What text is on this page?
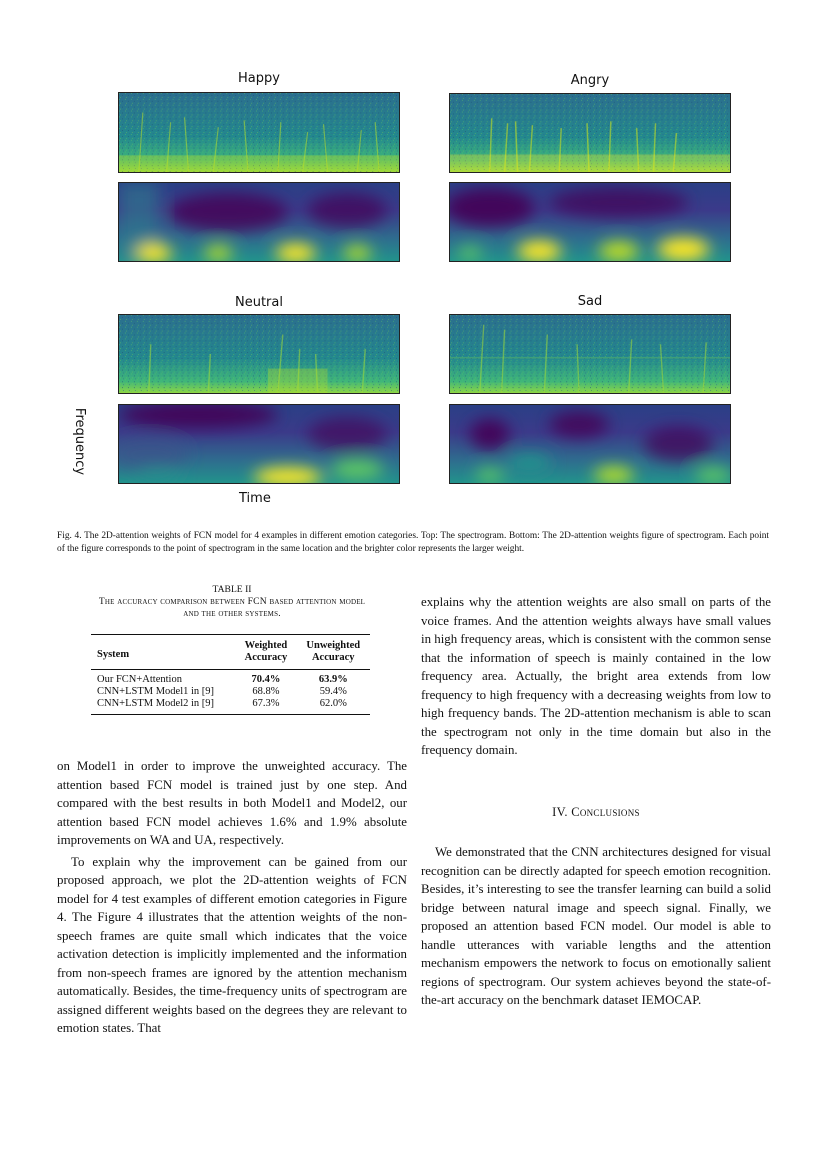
Happy	Angry
Neutral	Sad
Frequency
Time
Fig. 4. The 2D-attention weights of FCN model for 4 examples in different emotion categories. Top: The spectrogram. Bottom: The 2D-attention weights figure of spectrogram. Each point of the figure corresponds to the point of spectrogram in the same location and the brighter color represents the larger weight.
TABLE II
The accuracy comparison between FCN based attention model
and the other systems.
System	Weighted	Unweighted
	Accuracy	Accuracy
Our FCN+Attention	70.4%	63.9%
CNN+LSTM Model1 in [9]	68.8%	59.4%
CNN+LSTM Model2 in [9]	67.3%	62.0%

on Model1 in order to improve the unweighted accuracy. The attention based FCN model is trained just by one step. And compared with the best results in both Model1 and Model2, our attention based FCN model achieves 1.6% and 1.9% absolute improvements on WA and UA, respectively.

To explain why the improvement can be gained from our proposed approach, we plot the 2D-attention weights of FCN model for 4 test examples of different emotion categories in Figure 4. The Figure 4 illustrates that the attention weights of the non-speech frames are quite small which indicates that the voice activation detection is implicitly implemented and the information from non-speech frames are ignored by the attention mechanism automatically. Besides, the time-frequency units of spectrogram are assigned different weights based on the degrees they are relevant to emotion states. That

explains why the attention weights are also small on parts of the voice frames. And the attention weights always have small values in high frequency areas, which is consistent with the common sense that the information of speech is mainly contained in the low frequency area. Actually, the bright area extends from low frequency to high frequency with a decreasing weights from low to high frequency bands. The 2D-attention mechanism is able to scan the spectrogram not only in the time domain but also in the frequency domain.

IV. Conclusions

We demonstrated that the CNN architectures designed for visual recognition can be directly adapted for speech emotion recognition. Besides, it’s interesting to see the transfer learning can build a solid bridge between natural image and speech signal. Finally, we proposed an attention based FCN model. Our model is able to handle utterances with variable lengths and the attention mechanism empowers the network to focus on emotionally salient regions of spectrogram. Our system achieves beyond the state-of-the-art accuracy on the benchmark dataset IEMOCAP.
